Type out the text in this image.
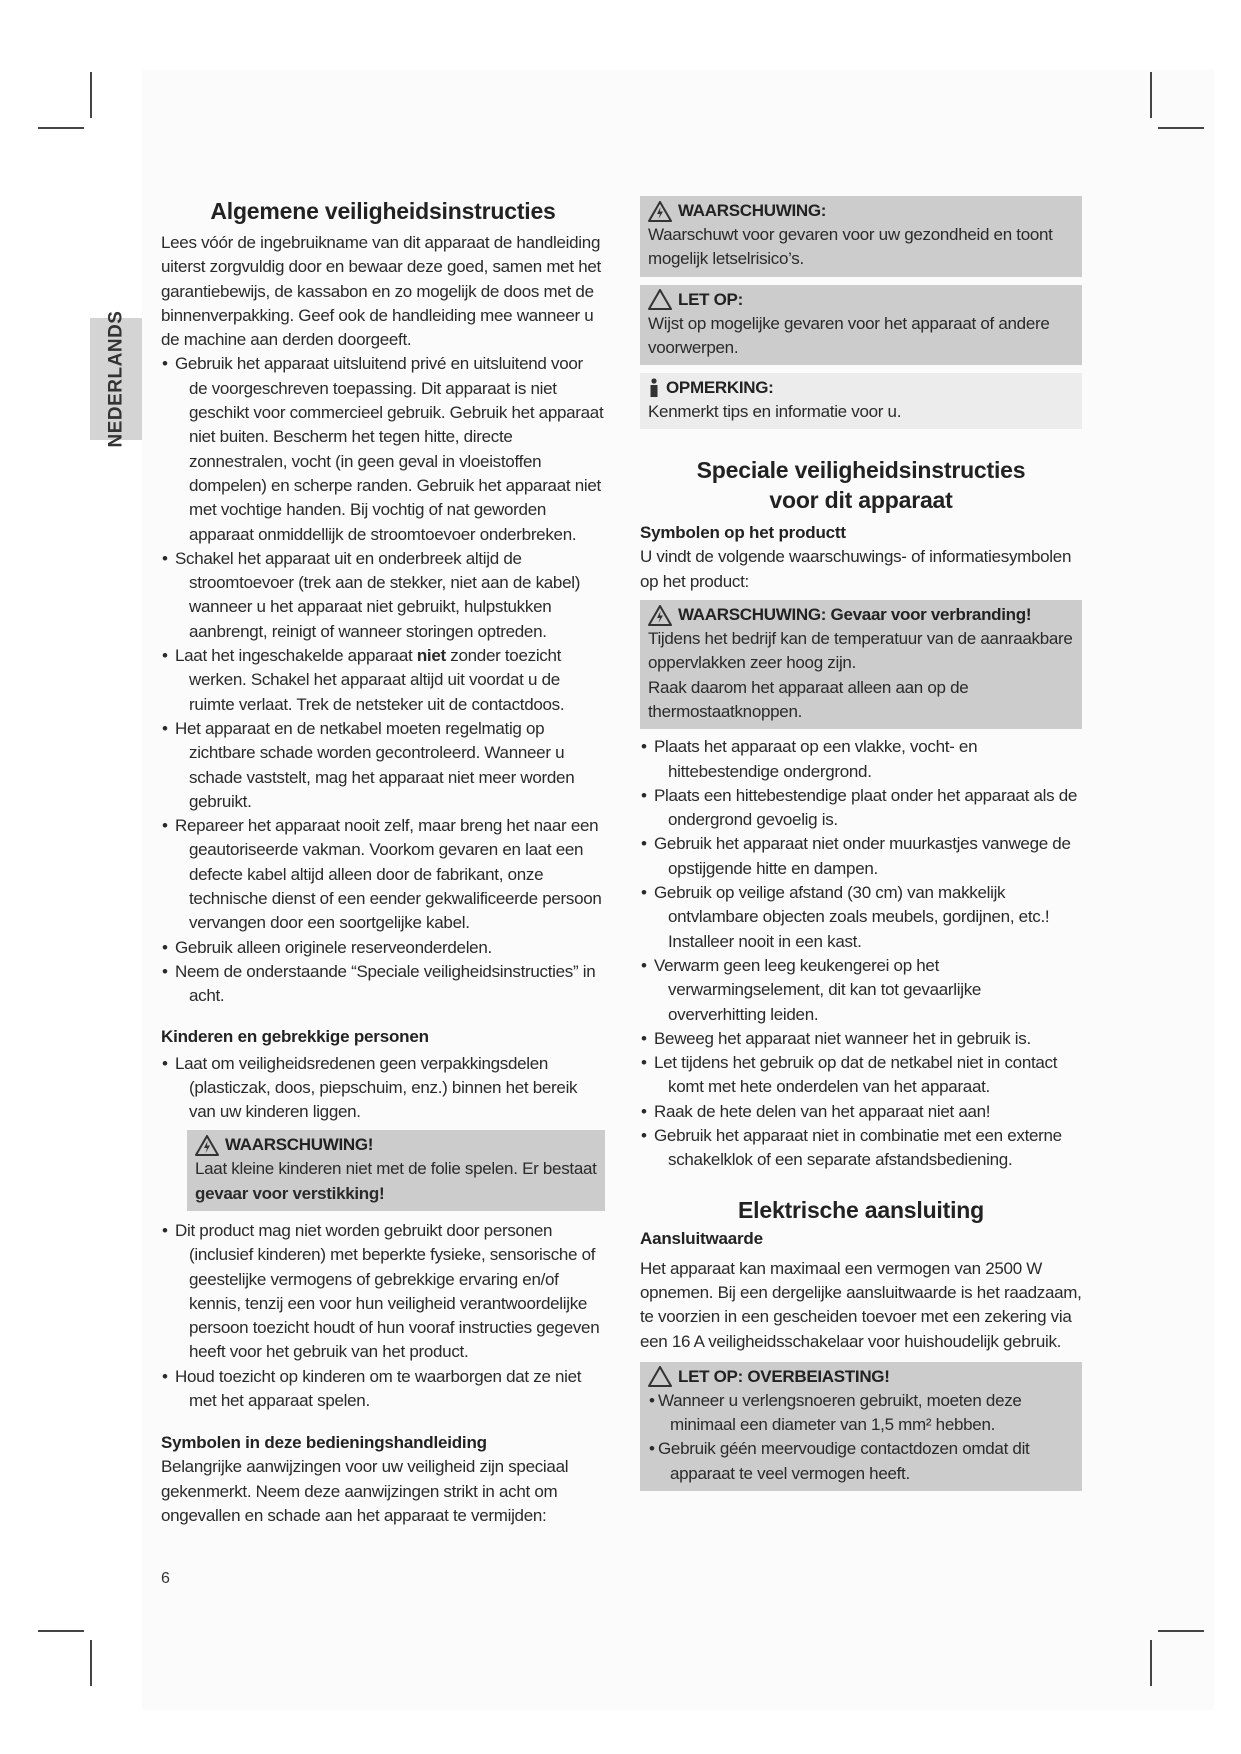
NEDERLANDS
Algemene veiligheidsinstructies

Lees vóór de ingebruikname van dit apparaat de handleiding uiterst zorgvuldig door en bewaar deze goed, samen met het garantiebewijs, de kassabon en zo mogelijk de doos met de binnenverpakking. Geef ook de handleiding mee wanneer u de machine aan derden doorgeeft.

• Gebruik het apparaat uitsluitend privé en uitsluitend voor de voorgeschreven toepassing. Dit apparaat is niet geschikt voor commercieel gebruik. Gebruik het apparaat niet buiten. Bescherm het tegen hitte, directe zonnestralen, vocht (in geen geval in vloeistoffen dompelen) en scherpe randen. Gebruik het apparaat niet met vochtige handen. Bij vochtig of nat geworden apparaat onmiddellijk de stroomtoevoer onderbreken.
• Schakel het apparaat uit en onderbreek altijd de stroomtoevoer (trek aan de stekker, niet aan de kabel) wanneer u het apparaat niet gebruikt, hulpstukken aanbrengt, reinigt of wanneer storingen optreden.
• Laat het ingeschakelde apparaat niet zonder toezicht werken. Schakel het apparaat altijd uit voordat u de ruimte verlaat. Trek de netsteker uit de contactdoos.
• Het apparaat en de netkabel moeten regelmatig op zichtbare schade worden gecontroleerd. Wanneer u schade vaststelt, mag het apparaat niet meer worden gebruikt.
• Repareer het apparaat nooit zelf, maar breng het naar een geautoriseerde vakman. Voorkom gevaren en laat een defecte kabel altijd alleen door de fabrikant, onze technische dienst of een eender gekwalificeerde persoon vervangen door een soortgelijke kabel.
• Gebruik alleen originele reserveonderdelen.
• Neem de onderstaande “Speciale veiligheidsinstructies” in acht.
Kinderen en gebrekkige personen
• Laat om veiligheidsredenen geen verpakkingsdelen (plasticzak, doos, piepschuim, enz.) binnen het bereik van uw kinderen liggen.
WAARSCHUWING!

Laat kleine kinderen niet met de folie spelen. Er bestaat gevaar voor verstikking!

• Dit product mag niet worden gebruikt door personen (inclusief kinderen) met beperkte fysieke, sensorische of geestelijke vermogens of gebrekkige ervaring en/of kennis, tenzij een voor hun veiligheid verantwoordelijke persoon toezicht houdt of hun vooraf instructies gegeven heeft voor het gebruik van het product.
• Houd toezicht op kinderen om te waarborgen dat ze niet met het apparaat spelen.
Symbolen in deze bedieningshandleiding

Belangrijke aanwijzingen voor uw veiligheid zijn speciaal gekenmerkt. Neem deze aanwijzingen strikt in acht om ongevallen en schade aan het apparaat te vermijden:

WAARSCHUWING:

Waarschuwt voor gevaren voor uw gezondheid en toont mogelijk letselrisico’s.

LET OP:

Wijst op mogelijke gevaren voor het apparaat of andere voorwerpen.

OPMERKING:

Kenmerkt tips en informatie voor u.

Speciale veiligheidsinstructies
voor dit apparaat
Symbolen op het productt

U vindt de volgende waarschuwings- of informatiesymbolen op het product:

WAARSCHUWING: Gevaar voor verbranding!

Tijdens het bedrijf kan de temperatuur van de aanraakbare oppervlakken zeer hoog zijn.

Raak daarom het apparaat alleen aan op de thermostaatknoppen.

• Plaats het apparaat op een vlakke, vocht- en hittebestendige ondergrond.
• Plaats een hittebestendige plaat onder het apparaat als de ondergrond gevoelig is.
• Gebruik het apparaat niet onder muurkastjes vanwege de opstijgende hitte en dampen.
• Gebruik op veilige afstand (30 cm) van makkelijk ontvlambare objecten zoals meubels, gordijnen, etc.! Installeer nooit in een kast.
• Verwarm geen leeg keukengerei op het verwarmingselement, dit kan tot gevaarlijke oververhitting leiden.
• Beweeg het apparaat niet wanneer het in gebruik is.
• Let tijdens het gebruik op dat de netkabel niet in contact komt met hete onderdelen van het apparaat.
• Raak de hete delen van het apparaat niet aan!
• Gebruik het apparaat niet in combinatie met een externe schakelklok of een separate afstandsbediening.
Elektrische aansluiting
Aansluitwaarde

Het apparaat kan maximaal een vermogen van 2500 W opnemen. Bij een dergelijke aansluitwaarde is het raadzaam, te voorzien in een gescheiden toevoer met een zekering via een 16 A veiligheidsschakelaar voor huishoudelijk gebruik.

LET OP: OVERBEIASTING!
• Wanneer u verlengsnoeren gebruikt, moeten deze minimaal een diameter van 1,5 mm² hebben.
• Gebruik géén meervoudige contactdozen omdat dit apparaat te veel vermogen heeft.
6
